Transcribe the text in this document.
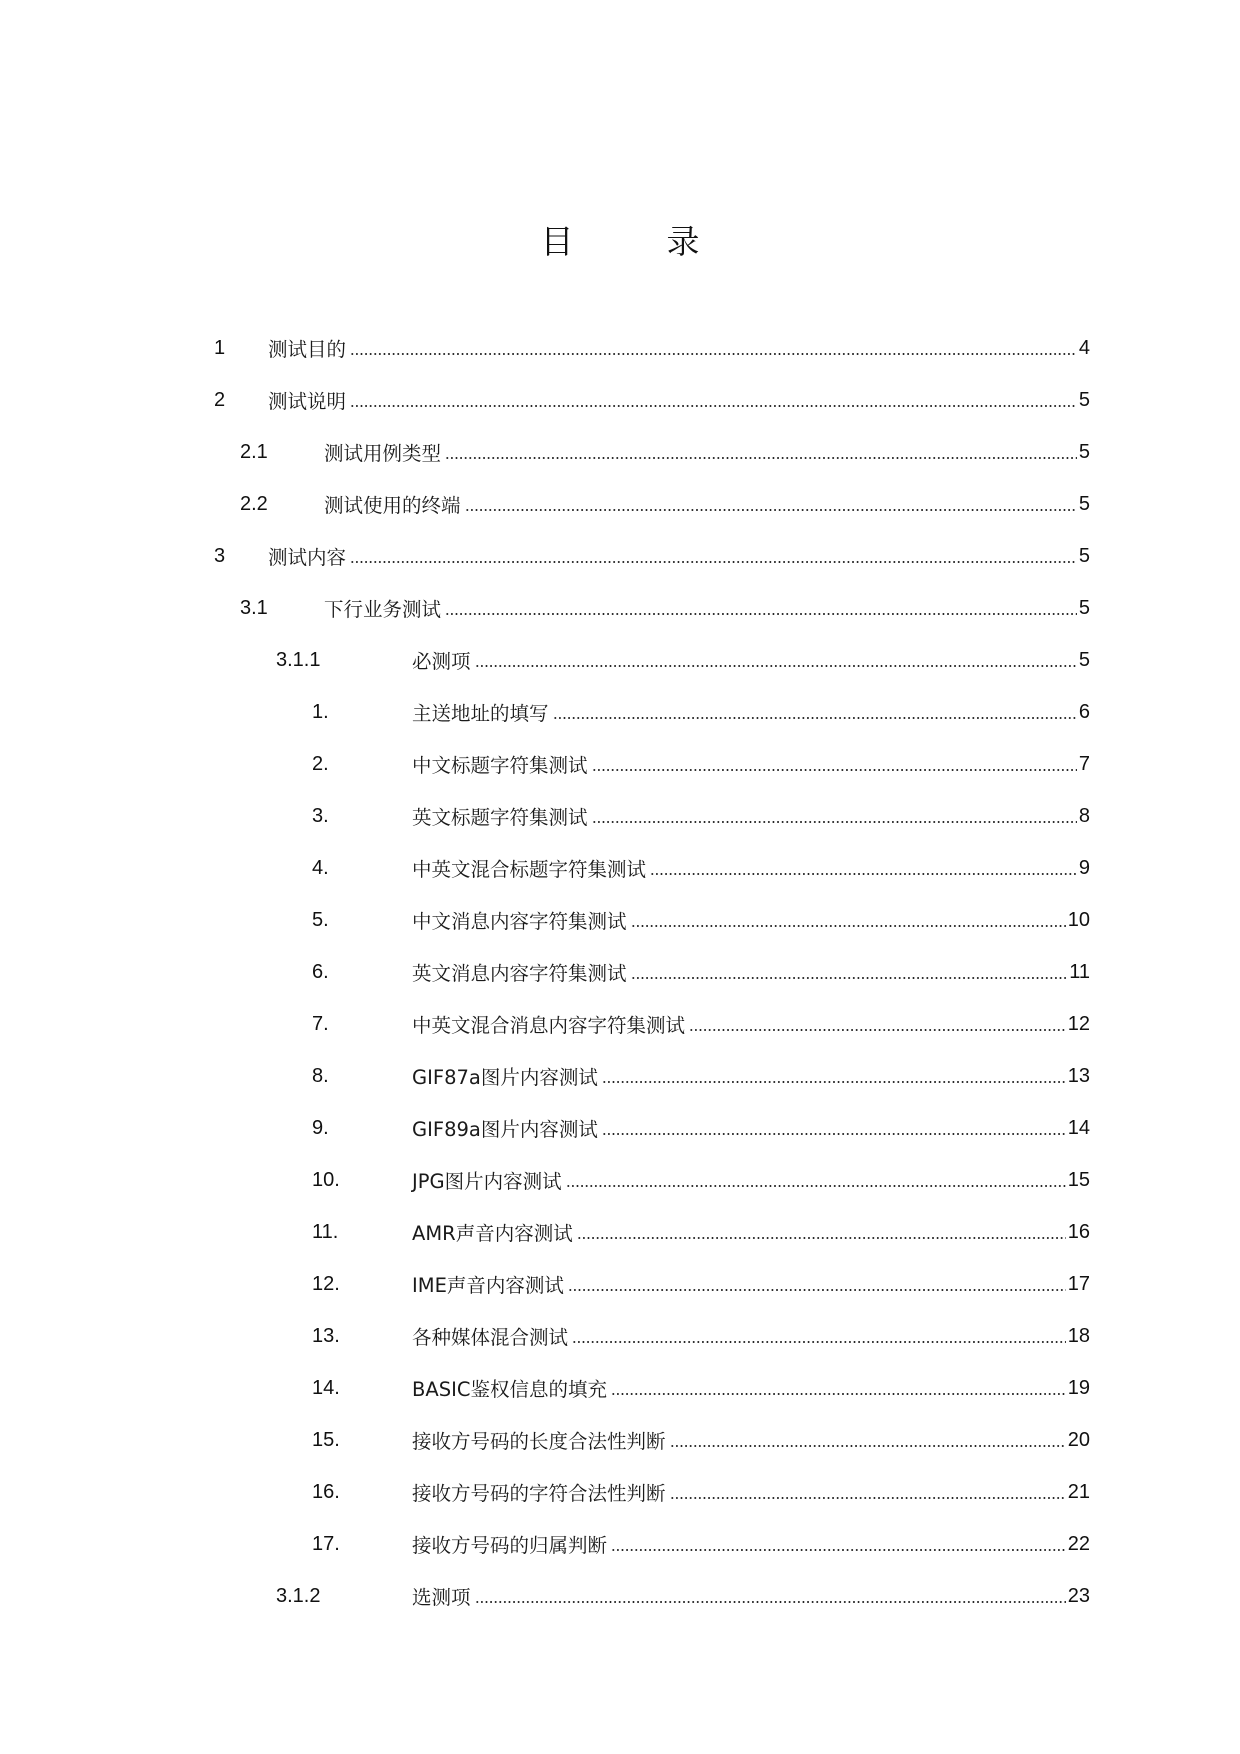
目　录
1 测试目的	4
2 测试说明	5
2.1	测试用例类型	5
2.2	测试使用的终端	5
3 测试内容	5
3.1	下行业务测试	5
3.1.1	必测项	5
1.	主送地址的填写	6
2.	中文标题字符集测试	7
3.	英文标题字符集测试	8
4.	中英文混合标题字符集测试	9
5.	中文消息内容字符集测试	10
6.	英文消息内容字符集测试	11
7.	中英文混合消息内容字符集测试	12
8.	GIF87a图片内容测试	13
9.	GIF89a图片内容测试	14
10.	JPG图片内容测试	15
11.	AMR声音内容测试	16
12.	IME声音内容测试	17
13.	各种媒体混合测试	18
14.	BASIC鉴权信息的填充	19
15.	接收方号码的长度合法性判断	20
16.	接收方号码的字符合法性判断	21
17.	接收方号码的归属判断	22
3.1.2	选测项	23
